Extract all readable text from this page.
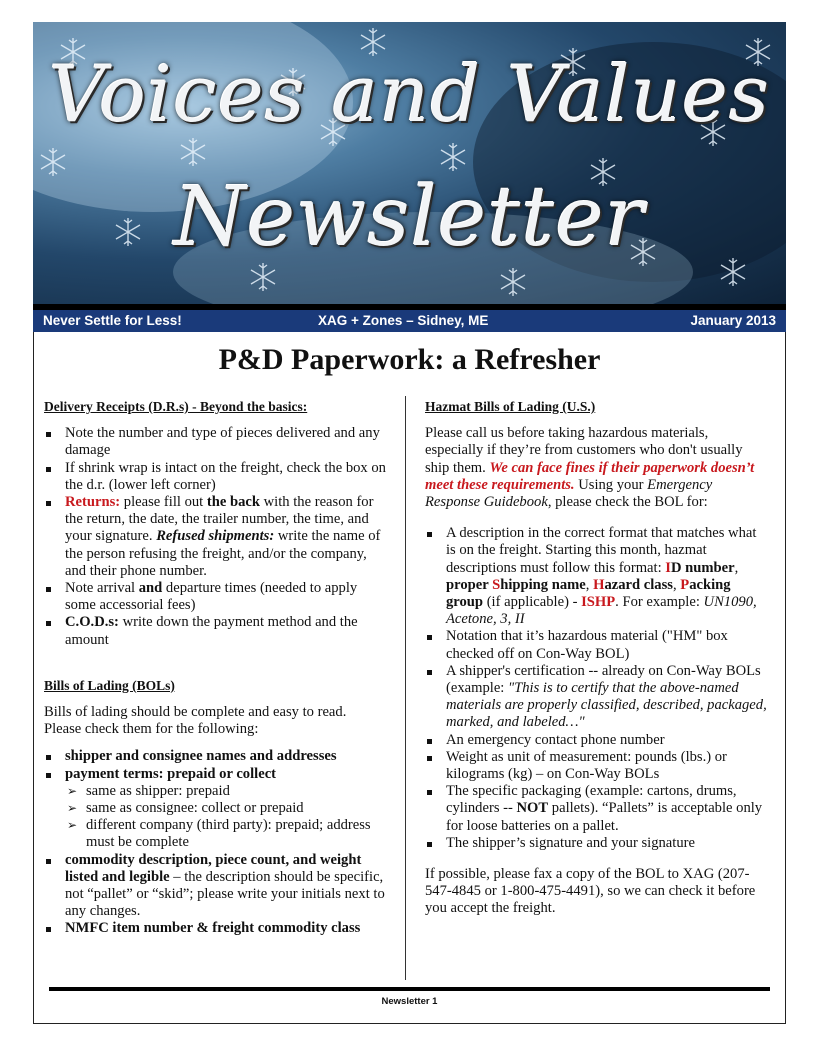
Voices and Values
Newsletter
Never Settle for Less!	XAG + Zones – Sidney, ME	January 2013
P&D Paperwork: a Refresher
Delivery Receipts (D.R.s) - Beyond the basics:
Note the number and type of pieces delivered and any damage
If shrink wrap is intact on the freight, check the box on the d.r. (lower left corner)
Returns: please fill out the back with the reason for the return, the date, the trailer number, the time, and your signature. Refused shipments: write the name of the person refusing the freight, and/or the company, and their phone number.
Note arrival and departure times (needed to apply some accessorial fees)
C.O.D.s: write down the payment method and the amount
Bills of Lading (BOLs)

Bills of lading should be complete and easy to read. Please check them for the following:

shipper and consignee names and addresses
payment terms: prepaid or collect
➢ same as shipper: prepaid
➢ same as consignee: collect or prepaid
➢ different company (third party): prepaid; address must be complete
commodity description, piece count, and weight listed and legible – the description should be specific, not “pallet” or “skid”; please write your initials next to any changes.
NMFC item number & freight commodity class
Hazmat Bills of Lading (U.S.)

Please call us before taking hazardous materials, especially if they’re from customers who don't usually ship them. We can face fines if their paperwork doesn’t meet these requirements. Using your Emergency Response Guidebook, please check the BOL for:

A description in the correct format that matches what is on the freight. Starting this month, hazmat descriptions must follow this format: ID number, proper Shipping name, Hazard class, Packing group (if applicable) - ISHP. For example: UN1090, Acetone, 3, II
Notation that it’s hazardous material ("HM" box checked off on Con-Way BOL)
A shipper's certification -- already on Con-Way BOLs (example: "This is to certify that the above-named materials are properly classified, described, packaged, marked, and labeled…"
An emergency contact phone number
Weight as unit of measurement: pounds (lbs.) or kilograms (kg) – on Con-Way BOLs
The specific packaging (example: cartons, drums, cylinders -- NOT pallets). “Pallets” is acceptable only for loose batteries on a pallet.
The shipper’s signature and your signature

If possible, please fax a copy of the BOL to XAG (207-547-4845 or 1-800-475-4491), so we can check it before you accept the freight.

Newsletter 1
